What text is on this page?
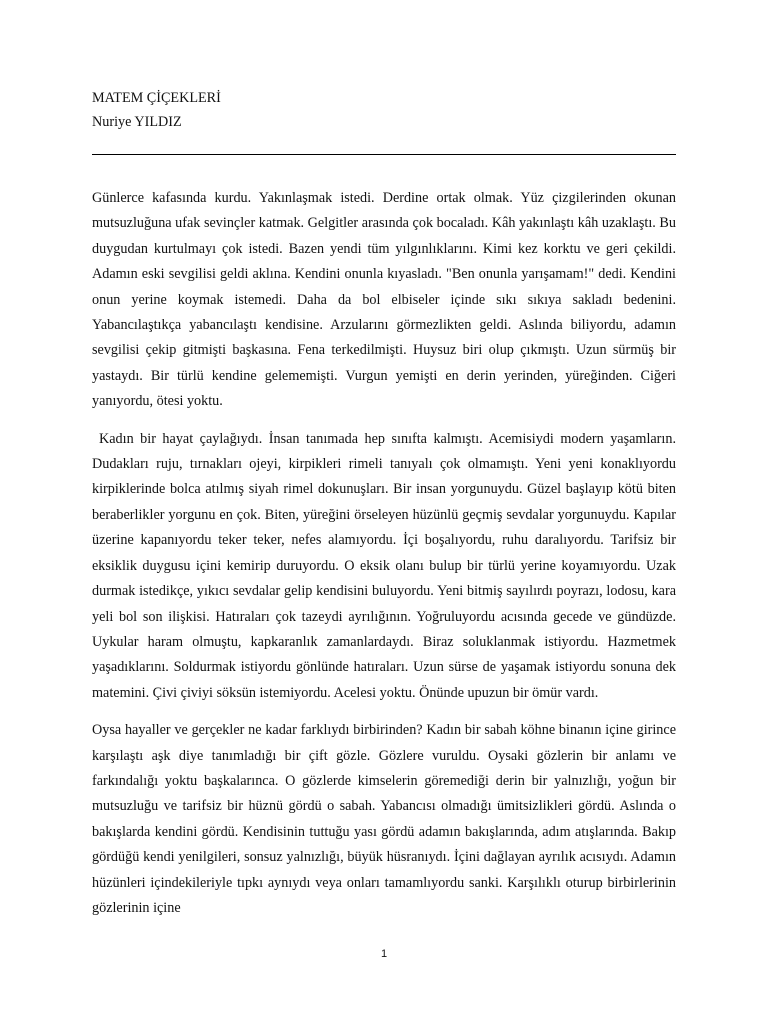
MATEM ÇİÇEKLERİ

Nuriye YILDIZ

Günlerce kafasında kurdu. Yakınlaşmak istedi. Derdine ortak olmak. Yüz çizgilerinden okunan mutsuzluğuna ufak sevinçler katmak. Gelgitler arasında çok bocaladı. Kâh yakınlaştı kâh uzaklaştı. Bu duygudan kurtulmayı çok istedi. Bazen yendi tüm yılgınlıklarını. Kimi kez korktu ve geri çekildi. Adamın eski sevgilisi geldi aklına. Kendini onunla kıyasladı. "Ben onunla yarışamam!" dedi. Kendini onun yerine koymak istemedi. Daha da bol elbiseler içinde sıkı sıkıya sakladı bedenini. Yabancılaştıkça yabancılaştı kendisine. Arzularını görmezlikten geldi. Aslında biliyordu, adamın sevgilisi çekip gitmişti başkasına. Fena terkedilmişti. Huysuz biri olup çıkmıştı. Uzun sürmüş bir yastaydı. Bir türlü kendine gelememişti. Vurgun yemişti en derin yerinden, yüreğinden. Ciğeri yanıyordu, ötesi yoktu.

Kadın bir hayat çaylağıydı. İnsan tanımada hep sınıfta kalmıştı. Acemisiydi modern yaşamların. Dudakları ruju, tırnakları ojeyi, kirpikleri rimeli tanıyalı çok olmamıştı. Yeni yeni konaklıyordu kirpiklerinde bolca atılmış siyah rimel dokunuşları. Bir insan yorgunuydu. Güzel başlayıp kötü biten beraberlikler yorgunu en çok. Biten, yüreğini örseleyen hüzünlü geçmiş sevdalar yorgunuydu. Kapılar üzerine kapanıyordu teker teker, nefes alamıyordu. İçi boşalıyordu, ruhu daralıyordu. Tarifsiz bir eksiklik duygusu içini kemirip duruyordu. O eksik olanı bulup bir türlü yerine koyamıyordu. Uzak durmak istedikçe, yıkıcı sevdalar gelip kendisini buluyordu. Yeni bitmiş sayılırdı poyrazı, lodosu, kara yeli bol son ilişkisi. Hatıraları çok tazeydi ayrılığının. Yoğruluyordu acısında gecede ve gündüzde. Uykular haram olmuştu, kapkaranlık zamanlardaydı. Biraz soluklanmak istiyordu. Hazmetmek yaşadıklarını. Soldurmak istiyordu gönlünde hatıraları. Uzun sürse de yaşamak istiyordu sonuna dek matemini. Çivi çiviyi söksün istemiyordu. Acelesi yoktu. Önünde upuzun bir ömür vardı.

Oysa hayaller ve gerçekler ne kadar farklıydı birbirinden? Kadın bir sabah köhne binanın içine girince karşılaştı aşk diye tanımladığı bir çift gözle. Gözlere vuruldu. Oysaki gözlerin bir anlamı ve farkındalığı yoktu başkalarınca. O gözlerde kimselerin göremediği derin bir yalnızlığı, yoğun bir mutsuzluğu ve tarifsiz bir hüznü gördü o sabah. Yabancısı olmadığı ümitsizlikleri gördü. Aslında o bakışlarda kendini gördü. Kendisinin tuttuğu yası gördü adamın bakışlarında, adım atışlarında. Bakıp gördüğü kendi yenilgileri, sonsuz yalnızlığı, büyük hüsranıydı. İçini dağlayan ayrılık acısıydı. Adamın hüzünleri içindekileriyle tıpkı aynıydı veya onları tamamlıyordu sanki. Karşılıklı oturup birbirlerinin gözlerinin içine

1
